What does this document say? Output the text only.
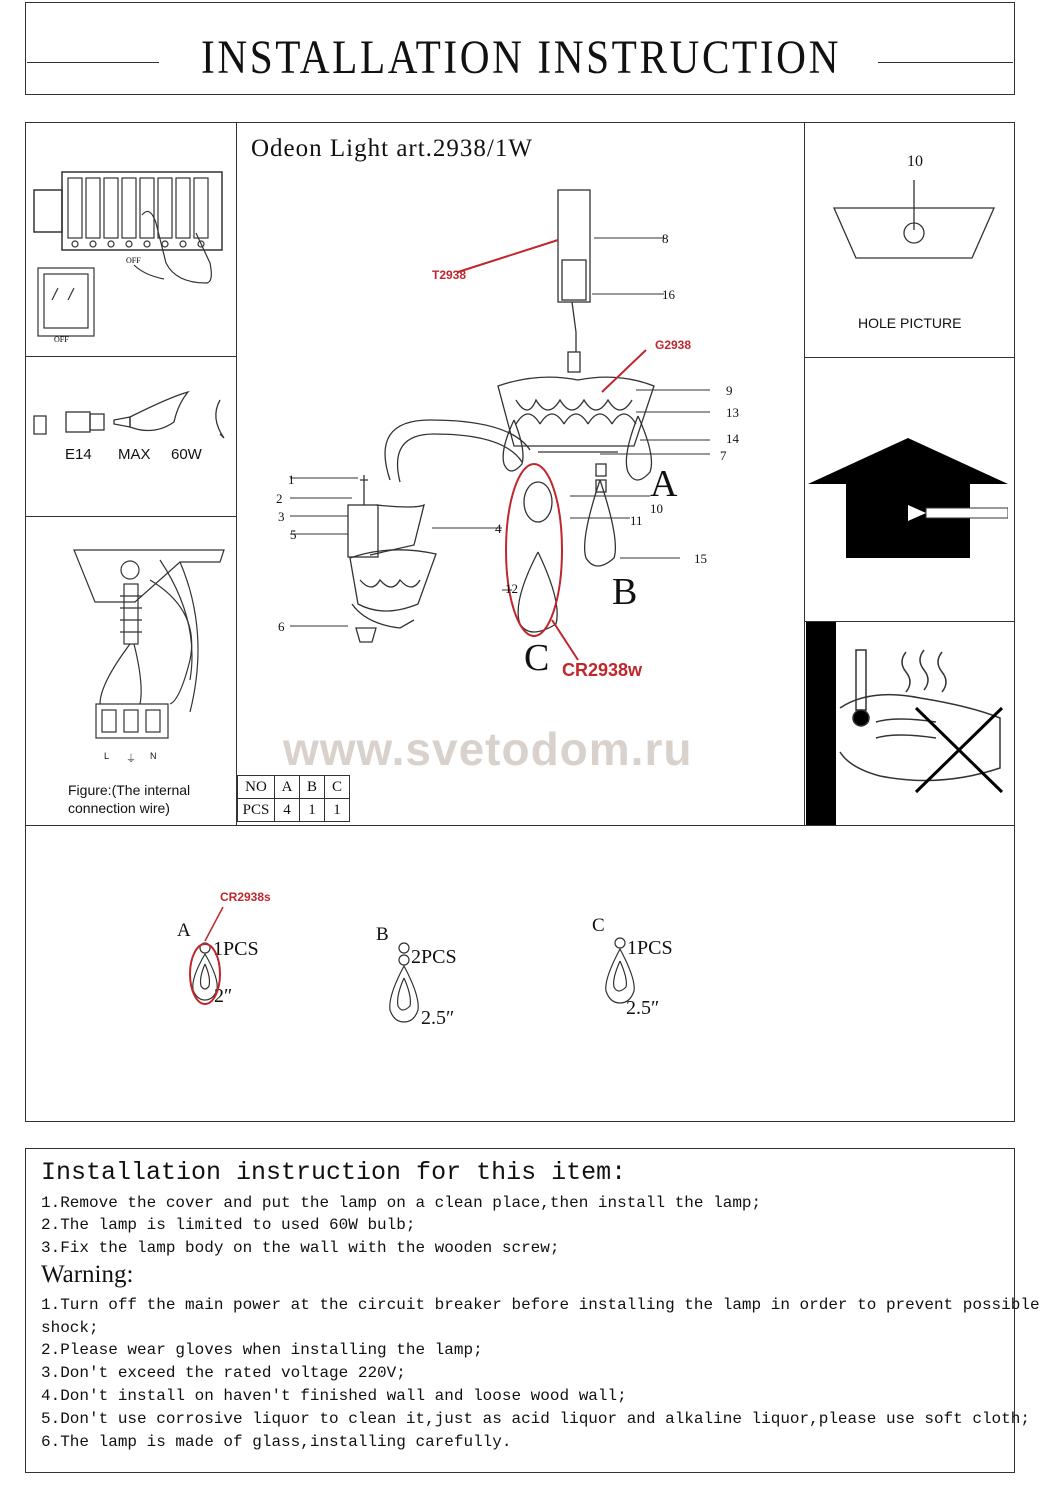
INSTALLATION INSTRUCTION
OFF
OFF
E14 MAX 60W
L ⏚ N
Figure:(The internal connection wire)
Odeon Light art.2938/1W
1
2
3
5
6
4
12
8
16
9
13
14
7
10
11
15
A
B
C
T2938
G2938
CR2938w
www.svetodom.ru
NO	A	B	C
PCS	4	1	1
10
HOLE PICTURE
CR2938s
A
1PCS
2″
B
2PCS
2.5″
C
1PCS
2.5″
Installation instruction for this item:
1.Remove the cover and put the lamp on a clean place,then install the lamp;
2.The lamp is limited to used 60W bulb;
3.Fix the lamp body on the wall with the wooden screw;
Warning:
1.Turn off the main power at the circuit breaker before installing the lamp in order to prevent possible
shock;
2.Please wear gloves when installing the lamp;
3.Don't exceed the rated voltage 220V;
4.Don't install on haven't finished wall and loose wood wall;
5.Don't use corrosive liquor to clean it,just as acid liquor and alkaline liquor,please use soft cloth;
6.The lamp is made of glass,installing carefully.
